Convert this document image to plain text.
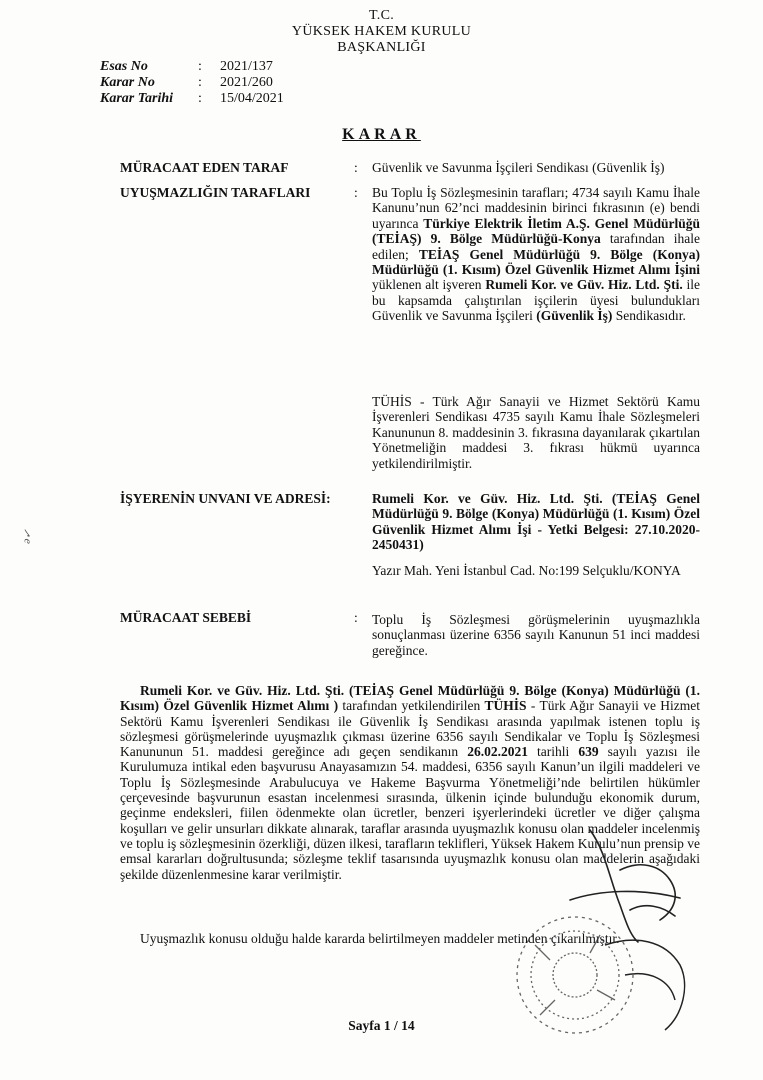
T.C.
YÜKSEK HAKEM KURULU
BAŞKANLIĞI
Esas No	:	2021/137
Karar No	:	2021/260
Karar Tarihi	:	15/04/2021
KARAR
MÜRACAAT EDEN TARAF	: Güvenlik ve Savunma İşçileri Sendikası (Güvenlik İş)
UYUŞMAZLIĞIN TARAFLARI	: Bu Toplu İş Sözleşmesinin tarafları; 4734 sayılı Kamu İhale Kanunu’nun 62’nci maddesinin birinci fıkrasının (e) bendi uyarınca Türkiye Elektrik İletim A.Ş. Genel Müdürlüğü (TEİAŞ) 9. Bölge Müdürlüğü-Konya tarafından ihale edilen; TEİAŞ Genel Müdürlüğü 9. Bölge (Konya) Müdürlüğü (1. Kısım) Özel Güvenlik Hizmet Alımı İşini yüklenen alt işveren Rumeli Kor. ve Güv. Hiz. Ltd. Şti. ile bu kapsamda çalıştırılan işçilerin üyesi bulundukları Güvenlik ve Savunma İşçileri (Güvenlik İş) Sendikasıdır.
TÜHİS - Türk Ağır Sanayii ve Hizmet Sektörü Kamu İşverenleri Sendikası 4735 sayılı Kamu İhale Sözleşmeleri Kanununun 8. maddesinin 3. fıkrasına dayanılarak çıkartılan Yönetmeliğin maddesi 3. fıkrası hükmü uyarınca yetkilendirilmiştir.
İŞYERENİN UNVANI VE ADRESİ:	Rumeli Kor. ve Güv. Hiz. Ltd. Şti. (TEİAŞ Genel Müdürlüğü 9. Bölge (Konya) Müdürlüğü (1. Kısım) Özel Güvenlik Hizmet Alımı İşi - Yetki Belgesi: 27.10.2020-2450431)
Yazır Mah. Yeni İstanbul Cad. No:199 Selçuklu/KONYA
MÜRACAAT SEBEBİ	: Toplu İş Sözleşmesi görüşmelerinin uyuşmazlıkla sonuçlanması üzerine 6356 sayılı Kanunun 51 inci maddesi gereğince.
Rumeli Kor. ve Güv. Hiz. Ltd. Şti. (TEİAŞ Genel Müdürlüğü 9. Bölge (Konya) Müdürlüğü (1. Kısım) Özel Güvenlik Hizmet Alımı ) tarafından yetkilendirilen TÜHİS - Türk Ağır Sanayii ve Hizmet Sektörü Kamu İşverenleri Sendikası ile Güvenlik İş Sendikası arasında yapılmak istenen toplu iş sözleşmesi görüşmelerinde uyuşmazlık çıkması üzerine 6356 sayılı Sendikalar ve Toplu İş Sözleşmesi Kanununun 51. maddesi gereğince adı geçen sendikanın 26.02.2021 tarihli 639 sayılı yazısı ile Kurulumuza intikal eden başvurusu Anayasamızın 54. maddesi, 6356 sayılı Kanun’un ilgili maddeleri ve Toplu İş Sözleşmesinde Arabulucuya ve Hakeme Başvurma Yönetmeliği’nde belirtilen hükümler çerçevesinde başvurunun esastan incelenmesi sırasında, ülkenin içinde bulunduğu ekonomik durum, geçinme endeksleri, fiilen ödenmekte olan ücretler, benzeri işyerlerindeki ücretler ve diğer çalışma koşulları ve gelir unsurları dikkate alınarak, taraflar arasında uyuşmazlık konusu olan maddeler incelenmiş ve toplu iş sözleşmesinin özerkliği, düzen ilkesi, tarafların teklifleri, Yüksek Hakem Kurulu’nun prensip ve emsal kararları doğrultusunda; sözleşme teklif tasarısında uyuşmazlık konusu olan maddelerin aşağıdaki şekilde düzenlenmesine karar verilmiştir.
Uyuşmazlık konusu olduğu halde kararda belirtilmeyen maddeler metinden çıkarılmıştır.
Sayfa 1 / 14
ǝ✓
